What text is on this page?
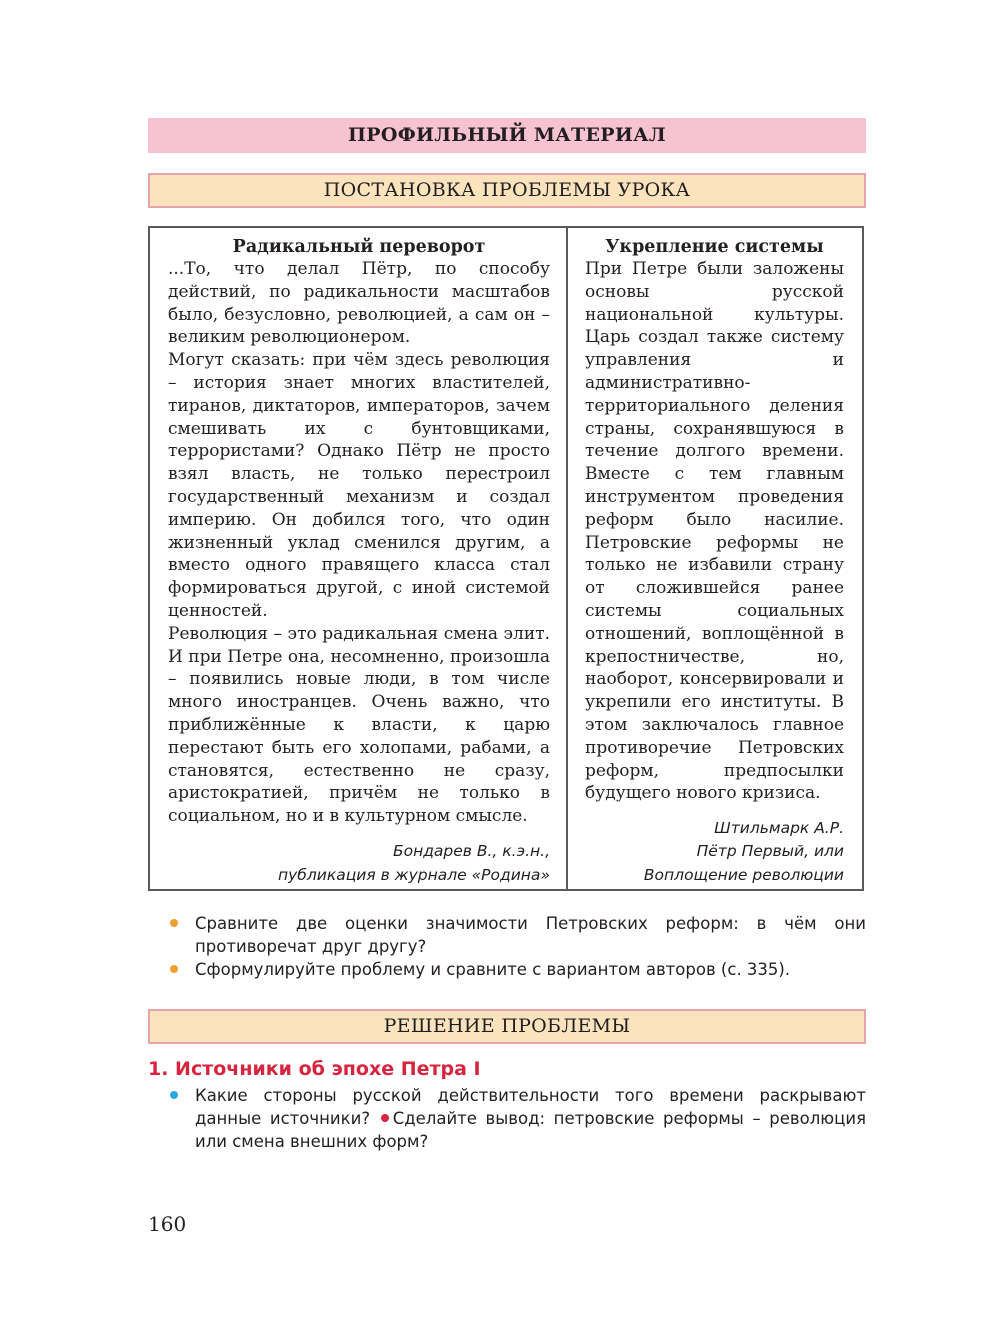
ПРОФИЛЬНЫЙ МАТЕРИАЛ
ПОСТАНОВКА ПРОБЛЕМЫ УРОКА
Радикальный переворот

...То, что делал Пётр, по способу действий, по радикальности масштабов было, безусловно, революцией, а сам он – великим революционером.

Могут сказать: при чём здесь революция – история знает многих властителей, тиранов, диктаторов, императоров, зачем смешивать их с бунтовщиками, террористами? Однако Пётр не просто взял власть, не только перестроил государственный механизм и создал империю. Он добился того, что один жизненный уклад сменился другим, а вместо одного правящего класса стал формироваться другой, с иной системой ценностей.

Революция – это радикальная смена элит. И при Петре она, несомненно, произошла – появились новые люди, в том числе много иностранцев. Очень важно, что приближённые к власти, к царю перестают быть его холопами, рабами, а становятся, естественно не сразу, аристократией, причём не только в социальном, но и в культурном смысле.

Бондарев В., к.э.н.,
публикация в журнале «Родина»
Укрепление системы

При Петре были заложены основы русской национальной культуры. Царь создал также систему управления и административно-территориального деления страны, сохранявшуюся в течение долгого времени. Вместе с тем главным инструментом проведения реформ было насилие. Петровские реформы не только не избавили страну от сложившейся ранее системы социальных отношений, воплощённой в крепостничестве, но, наоборот, консервировали и укрепили его институты. В этом заключалось главное противоречие Петровских реформ, предпосылки будущего нового кризиса.

Штильмарк А.Р.
Пётр Первый, или
Воплощение революции
Сравните две оценки значимости Петровских реформ: в чём они противоречат друг другу?
Сформулируйте проблему и сравните с вариантом авторов (с. 335).
РЕШЕНИЕ ПРОБЛЕМЫ
1. Источники об эпохе Петра I
Какие стороны русской действительности того времени раскрывают данные источники? Сделайте вывод: петровские реформы – революция или смена внешних форм?
160
